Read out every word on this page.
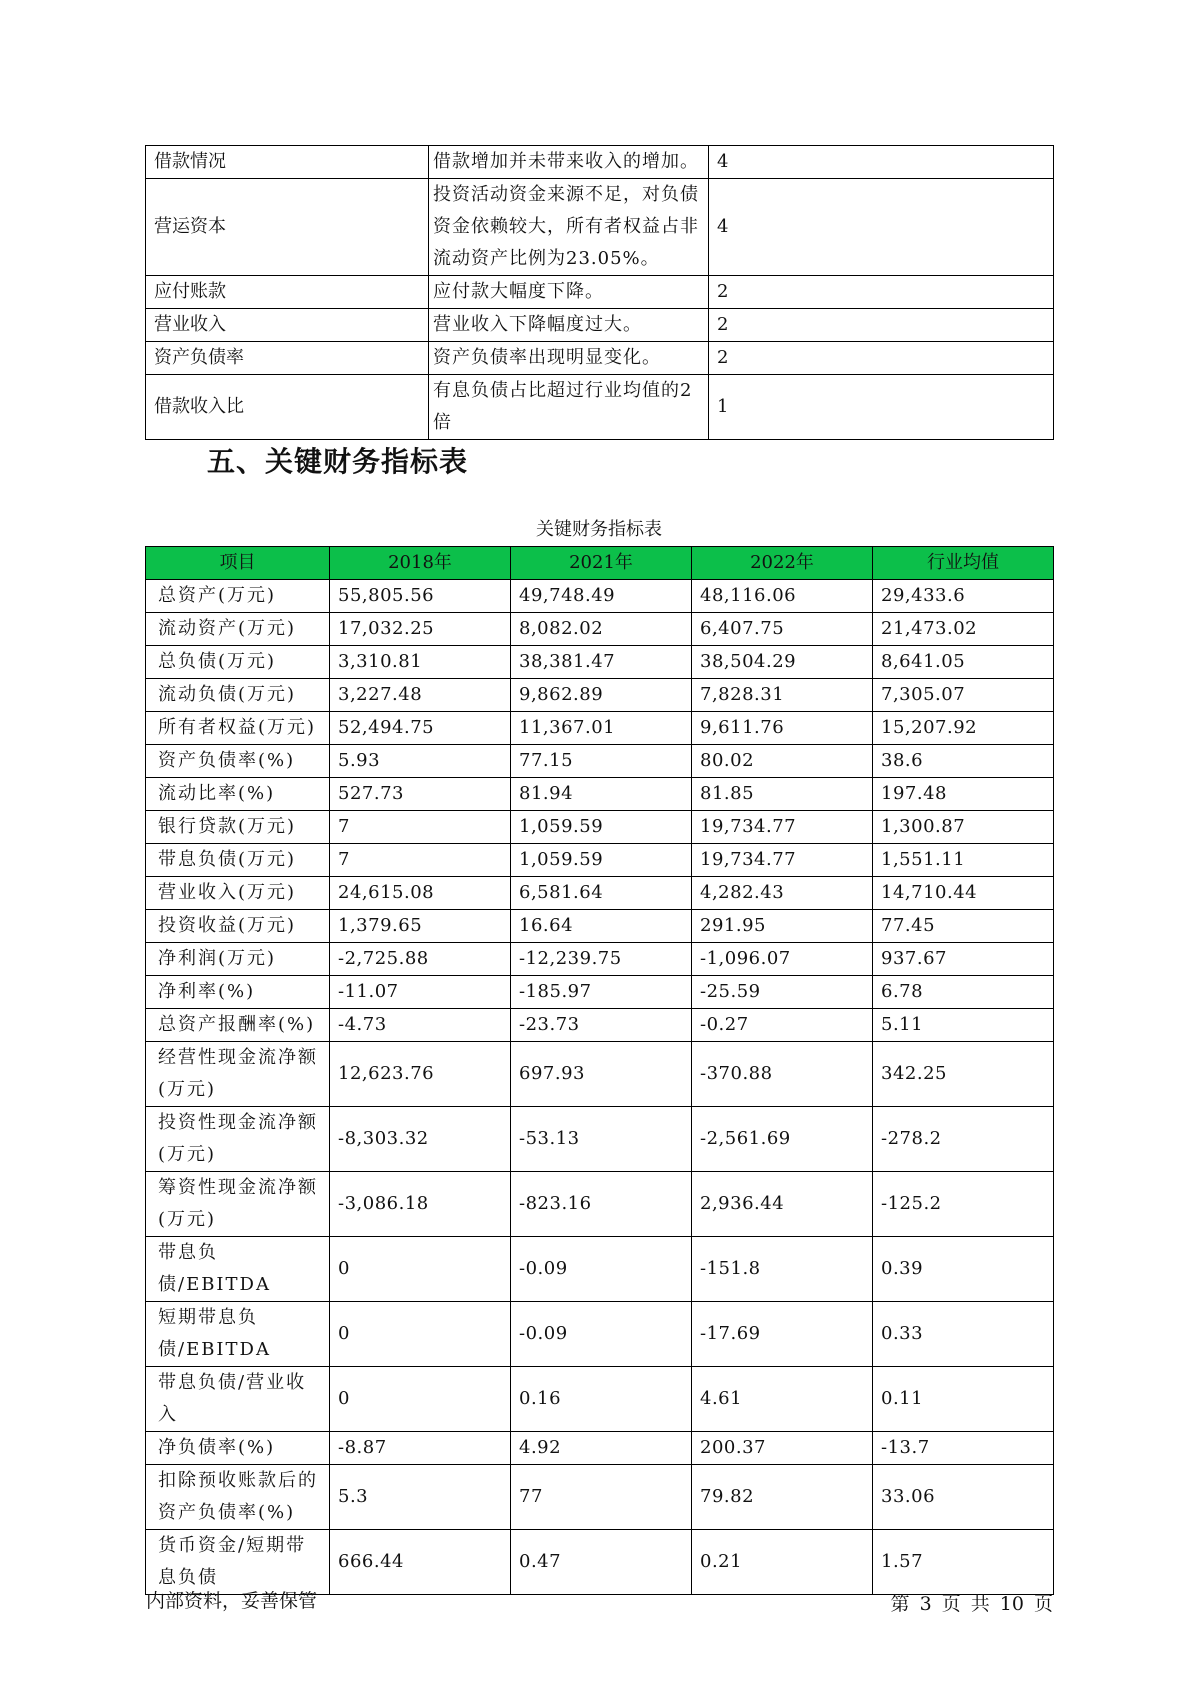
借款情况	借款增加并未带来收入的增加。	4
营运资本	投资活动资金来源不足，对负债资金依赖较大，所有者权益占非流动资产比例为23.05%。	4
应付账款	应付款大幅度下降。	2
营业收入	营业收入下降幅度过大。	2
资产负债率	资产负债率出现明显变化。	2
借款收入比	有息负债占比超过行业均值的2倍	1
五、关键财务指标表
关键财务指标表
项目	2018年	2021年	2022年	行业均值
总资产(万元)	55,805.56	49,748.49	48,116.06	29,433.6
流动资产(万元)	17,032.25	8,082.02	6,407.75	21,473.02
总负债(万元)	3,310.81	38,381.47	38,504.29	8,641.05
流动负债(万元)	3,227.48	9,862.89	7,828.31	7,305.07
所有者权益(万元)	52,494.75	11,367.01	9,611.76	15,207.92
资产负债率(%)	5.93	77.15	80.02	38.6
流动比率(%)	527.73	81.94	81.85	197.48
银行贷款(万元)	7	1,059.59	19,734.77	1,300.87
带息负债(万元)	7	1,059.59	19,734.77	1,551.11
营业收入(万元)	24,615.08	6,581.64	4,282.43	14,710.44
投资收益(万元)	1,379.65	16.64	291.95	77.45
净利润(万元)	-2,725.88	-12,239.75	-1,096.07	937.67
净利率(%)	-11.07	-185.97	-25.59	6.78
总资产报酬率(%)	-4.73	-23.73	-0.27	5.11
经营性现金流净额(万元)	12,623.76	697.93	-370.88	342.25
投资性现金流净额(万元)	-8,303.32	-53.13	-2,561.69	-278.2
筹资性现金流净额(万元)	-3,086.18	-823.16	2,936.44	-125.2
带息负债/EBITDA	0	-0.09	-151.8	0.39
短期带息负债/EBITDA	0	-0.09	-17.69	0.33
带息负债/营业收入	0	0.16	4.61	0.11
净负债率(%)	-8.87	4.92	200.37	-13.7
扣除预收账款后的资产负债率(%)	5.3	77	79.82	33.06
货币资金/短期带息负债	666.44	0.47	0.21	1.57
内部资料，妥善保管	第 3 页 共 10 页
